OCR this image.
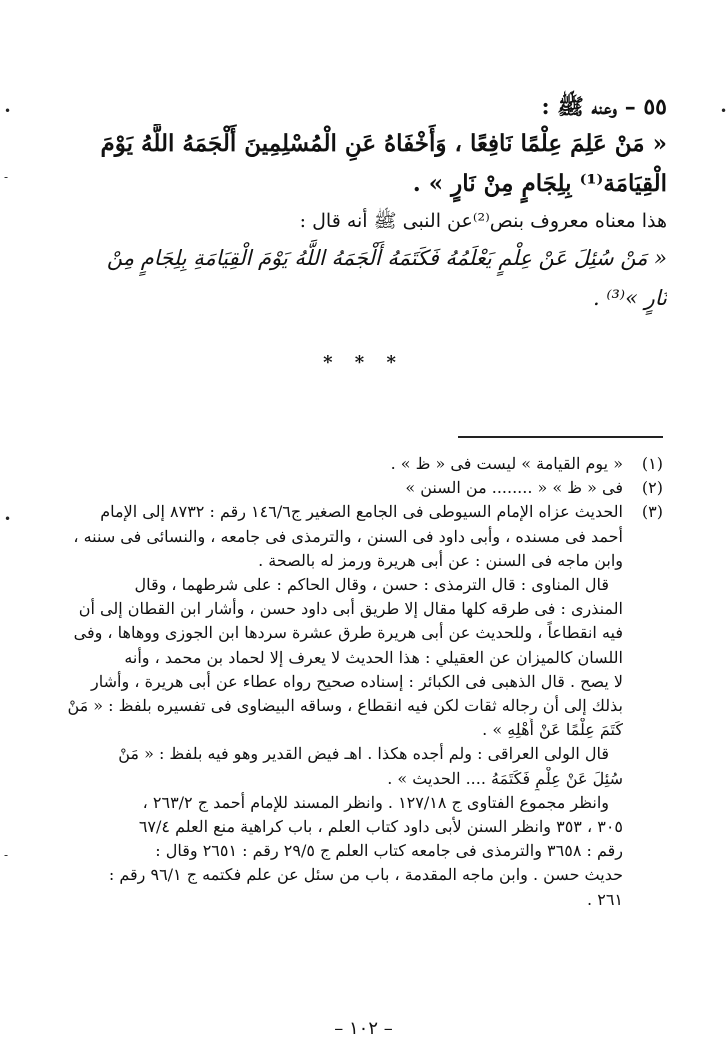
٥٥ – وعنه ﷺ :
« مَنْ عَلِمَ عِلْمًا نَافِعًا ، وَأَخْفَاهُ عَنِ الْمُسْلِمِينَ أَلْجَمَهُ اللَّهُ يَوْمَ
الْقِيَامَة⁽¹⁾ بِلِجَامٍ مِنْ نَارٍ » .
هذا معناه معروف بنص⁽²⁾عن النبى ﷺ أنه قال :
« مَنْ سُئِلَ عَنْ عِلْمٍ يَعْلَمُهُ فَكَتَمَهُ أَلْجَمَهُ اللَّهُ يَوْمَ الْقِيَامَةِ بِلِجَامٍ مِنْ
نَارٍ »⁽³⁾ .
* * *
(١)
« يوم القيامة » ليست فى « ظ » .
(٢)
فى « ظ » « ........ من السنن »
(٣)
الحديث عزاه الإمام السيوطى فى الجامع الصغير ج١٤٦/٦ رقم : ٨٧٣٢ إلى الإمام
أحمد فى مسنده ، وأبى داود فى السنن ، والترمذى فى جامعه ، والنسائى فى سننه ،
وابن ماجه فى السنن : عن أبى هريرة ورمز له بالصحة .
قال المناوى : قال الترمذى : حسن ، وقال الحاكم : على شرطهما ، وقال
المنذرى : فى طرقه كلها مقال إلا طريق أبى داود حسن ، وأشار ابن القطان إلى أن
فيه انقطاعاً ، وللحديث عن أبى هريرة طرق عشرة سردها ابن الجوزى ووهاها ، وفى
اللسان كالميزان عن العقيلي : هذا الحديث لا يعرف إلا لحماد بن محمد ، وأنه
لا يصح . قال الذهبى فى الكبائر : إسناده صحيح رواه عطاء عن أبى هريرة ، وأشار
بذلك إلى أن رجاله ثقات لكن فيه انقطاع ، وساقه البيضاوى فى تفسيره بلفظ : « مَنْ
كَتَمَ عِلْمًا عَنْ أَهْلِهِ » .
قال الولى العراقى : ولم أجده هكذا . اهـ فيض القدير وهو فيه بلفظ : « مَنْ
سُئِلَ عَنْ عِلْمٍ فَكَتَمَهُ .... الحديث » .
وانظر مجموع الفتاوى ج ١٢٧/١٨ . وانظر المسند للإمام أحمد ج ٢٦٣/٢ ،
٣٠٥ ، ٣٥٣ وانظر السنن لأبى داود كتاب العلم ، باب كراهية منع العلم ٦٧/٤
رقم : ٣٦٥٨ والترمذى فى جامعه كتاب العلم ج ٢٩/٥ رقم : ٢٦٥١ وقال :
حديث حسن . وابن ماجه المقدمة ، باب من سئل عن علم فكتمه ج ٩٦/١ رقم :
٢٦١ .
– ١٠٢ –
•	•
-
•
-
